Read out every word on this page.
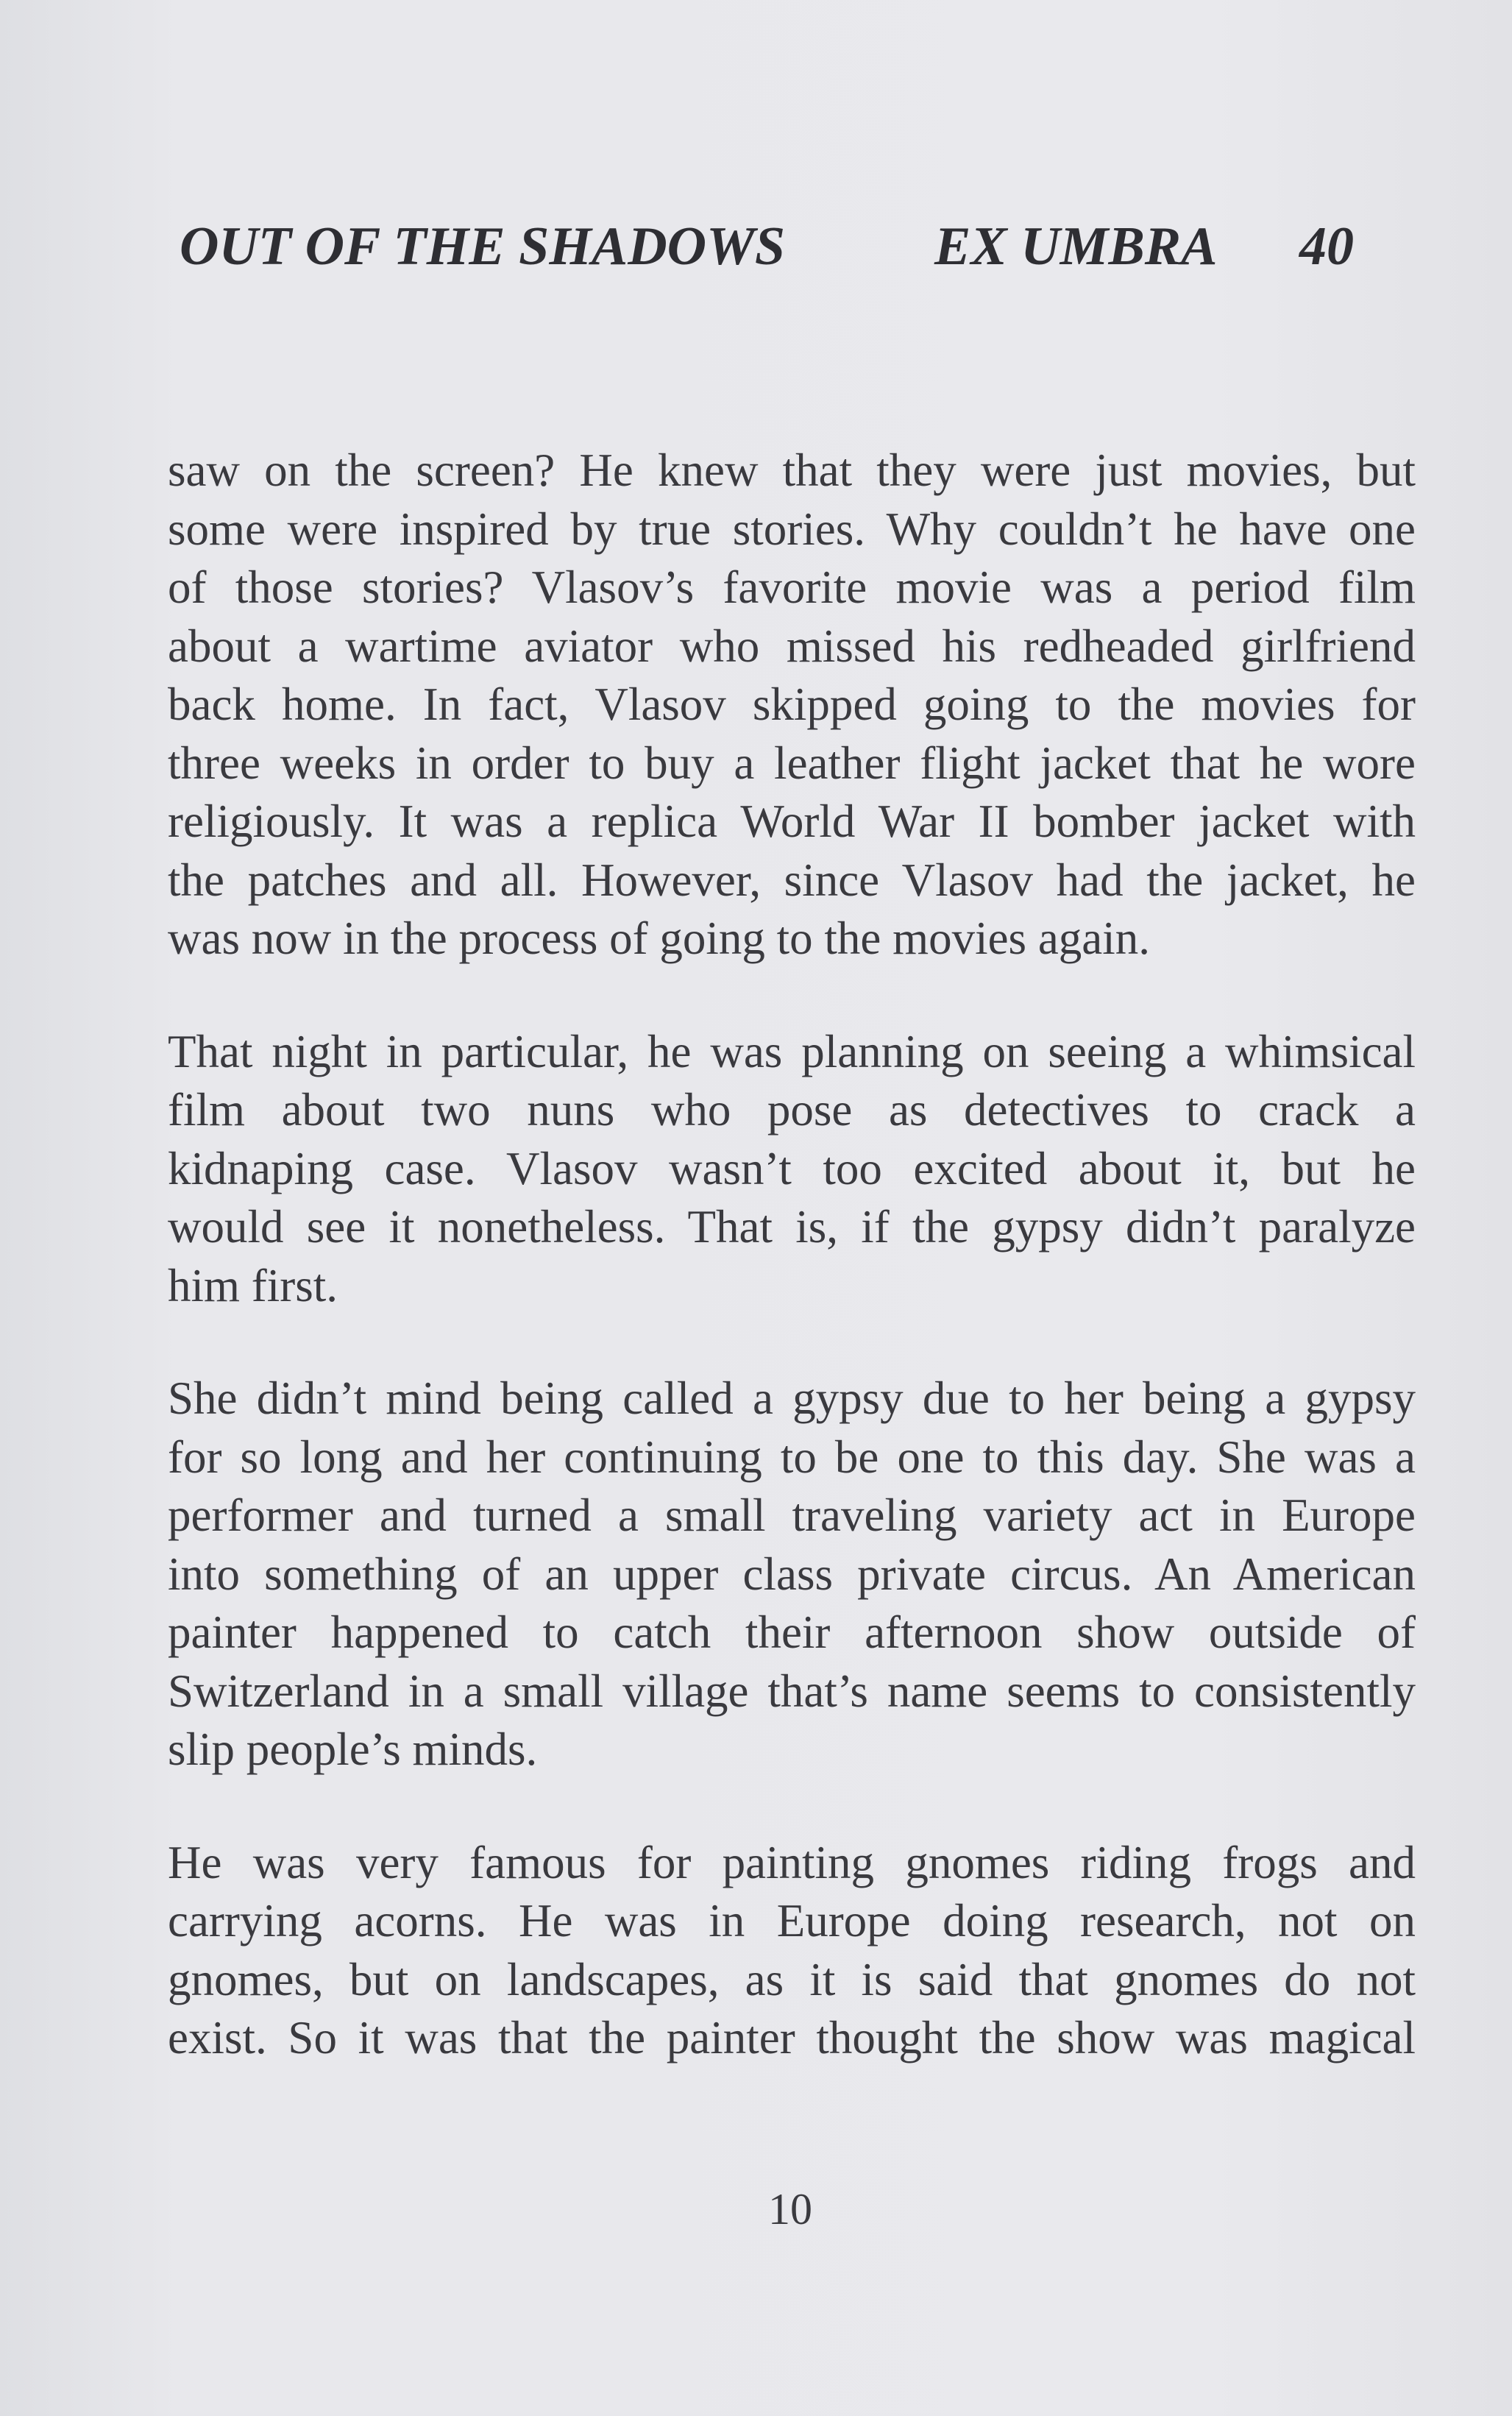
OUT OF THE SHADOWS	EX UMBRA 40

saw on the screen? He knew that they were just movies, but
some were inspired by true stories. Why couldn’t he have one
of those stories? Vlasov’s favorite movie was a period film
about a wartime aviator who missed his redheaded girlfriend
back home. In fact, Vlasov skipped going to the movies for
three weeks in order to buy a leather flight jacket that he wore
religiously. It was a replica World War II bomber jacket with
the patches and all. However, since Vlasov had the jacket, he
was now in the process of going to the movies again.

That night in particular, he was planning on seeing a whimsical
film about two nuns who pose as detectives to crack a
kidnaping case. Vlasov wasn’t too excited about it, but he
would see it nonetheless. That is, if the gypsy didn’t paralyze
him first.

She didn’t mind being called a gypsy due to her being a gypsy
for so long and her continuing to be one to this day. She was a
performer and turned a small traveling variety act in Europe
into something of an upper class private circus. An American
painter happened to catch their afternoon show outside of
Switzerland in a small village that’s name seems to consistently
slip people’s minds.

He was very famous for painting gnomes riding frogs and
carrying acorns. He was in Europe doing research, not on
gnomes, but on landscapes, as it is said that gnomes do not
exist. So it was that the painter thought the show was magical

10
